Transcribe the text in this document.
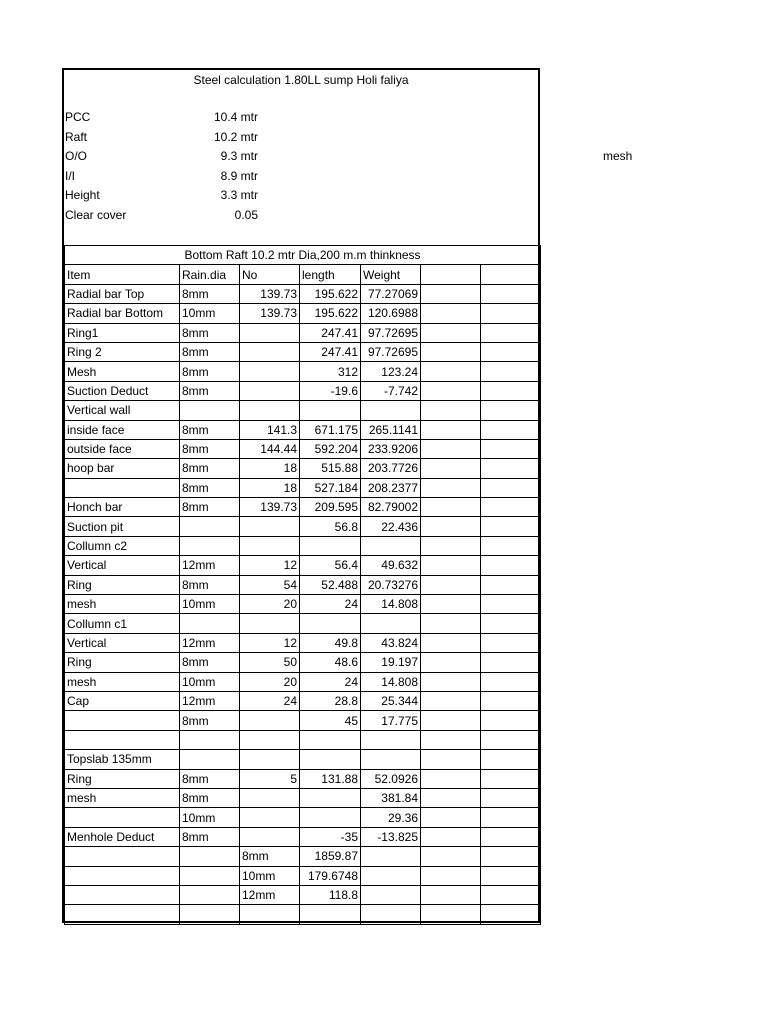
mesh
Steel calculation 1.80LL sump Holi faliya
PCC	10.4 mtr
Raft	10.2 mtr
O/O	9.3 mtr
I/I	8.9 mtr
Height	3.3 mtr
Clear cover	0.05
Bottom Raft 10.2 mtr Dia,200 m.m thinkness						
Item	Rain.dia	No	length	Weight		
Radial bar Top	8mm	139.73	195.622	77.27069		
Radial bar Bottom	10mm	139.73	195.622	120.6988		
Ring1	8mm		247.41	97.72695		
Ring 2	8mm		247.41	97.72695		
Mesh	8mm		312	123.24		
Suction Deduct	8mm		-19.6	-7.742		
Vertical wall						
inside face	8mm	141.3	671.175	265.1141		
outside face	8mm	144.44	592.204	233.9206		
hoop bar	8mm	18	515.88	203.7726		
	8mm	18	527.184	208.2377		
Honch bar	8mm	139.73	209.595	82.79002		
Suction pit			56.8	22.436		
Collumn c2						
Vertical	12mm	12	56.4	49.632		
Ring	8mm	54	52.488	20.73276		
mesh	10mm	20	24	14.808		
Collumn c1						
Vertical	12mm	12	49.8	43.824		
Ring	8mm	50	48.6	19.197		
mesh	10mm	20	24	14.808		
Cap	12mm	24	28.8	25.344		
	8mm		45	17.775		

Topslab 135mm						
Ring	8mm	5	131.88	52.0926		
mesh	8mm			381.84		
	10mm			29.36		
Menhole Deduct	8mm		-35	-13.825		
		8mm	1859.87			
		10mm	179.6748			
		12mm	118.8			
